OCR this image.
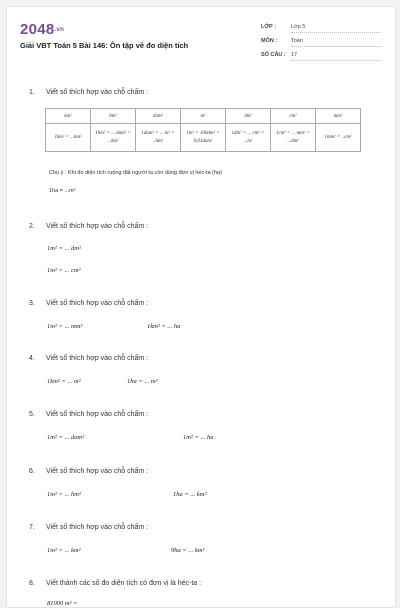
2048.vn
Giải VBT Toán 5 Bài 146: Ôn tập về đo diện tích
LỚP :	Lớp 5
MÔN :	Toán
SỐ CÂU : 17
1. Viết số thích hợp vào chỗ chấm :
km²	hm²	dam²	m²	dm²	cm²	mm²
1km² = ...hm²	1hm² = ... dam² = ...km²	1dam² = ... m² = ..hm²	1m² = 100dm² = 0,01dam²	1dm² = ... cm² = ...m²	1cm² = ... mm² = ...dm²	1mm² = ..cm²
Chú ý : Khi đo diện tích ruộng đất người ta còn dùng đơn vị héc-ta (ha)
1ha = ...m²
2. Viết số thích hợp vào chỗ chấm :
1m² = ... dm²
1m² = ... cm²
3. Viết số thích hợp vào chỗ chấm :
1m² = ... mm²	1km² = ... ha
4. Viết số thích hợp vào chỗ chấm :
1km² = ... m²	1ha = ... m²
5. Viết số thích hợp vào chỗ chấm :
1m² = ... dam²	1m² = ... ha
6. Viết số thích hợp vào chỗ chấm :
1m² = ... hm²	1ha = ... km²
7. Viết số thích hợp vào chỗ chấm :
1m² = ... km²	9ha = ... km²
8. Viết thành các số đo diện tích có đơn vị là héc-ta :
81000 m² =
